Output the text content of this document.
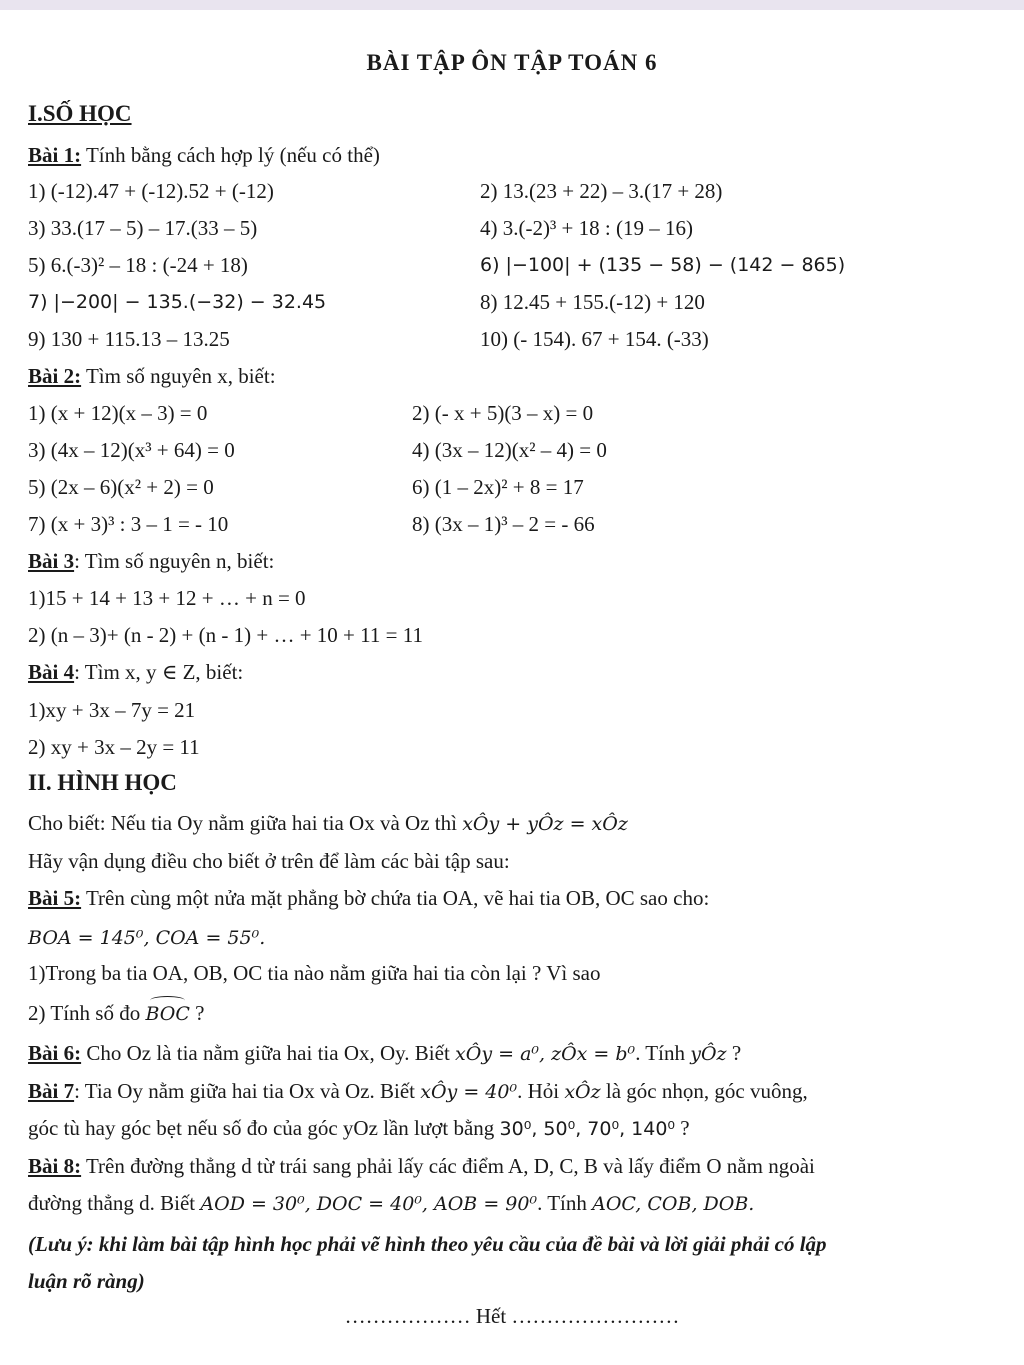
BÀI TẬP ÔN TẬP TOÁN 6
I.SỐ HỌC
Bài 1: Tính bằng cách hợp lý (nếu có thể)
1) (-12).47 + (-12).52 + (-12)	2) 13.(23 + 22) – 3.(17 + 28)
3) 33.(17 – 5) – 17.(33 – 5)	4) 3.(-2)³ + 18 : (19 – 16)
5) 6.(-3)² – 18 : (-24 + 18)	6) |−100| + (135 − 58) − (142 − 865)
7) |−200| − 135.(−32) − 32.45	8) 12.45 + 155.(-12) + 120
9) 130 + 115.13 – 13.25	10) (- 154). 67 + 154. (-33)
Bài 2: Tìm số nguyên x, biết:
1) (x + 12)(x – 3) = 0	2) (- x + 5)(3 – x) = 0
3) (4x – 12)(x³ + 64) = 0	4) (3x – 12)(x² – 4) = 0
5) (2x – 6)(x² + 2) = 0	6) (1 – 2x)² + 8 = 17
7) (x + 3)³ : 3 – 1 = - 10	8) (3x – 1)³ – 2 = - 66
Bài 3: Tìm số nguyên n, biết:
1)15 + 14 + 13 + 12 + … + n = 0
2) (n – 3)+ (n - 2) + (n - 1) + … + 10 + 11 = 11
Bài 4: Tìm x, y ∈ Z, biết:
1)xy + 3x – 7y = 21
2) xy + 3x – 2y = 11
II. HÌNH HỌC
Cho biết: Nếu tia Oy nằm giữa hai tia Ox và Oz thì xÔy + yÔz = xÔz
Hãy vận dụng điều cho biết ở trên để làm các bài tập sau:
Bài 5: Trên cùng một nửa mặt phẳng bờ chứa tia OA, vẽ hai tia OB, OC sao cho:
BOA = 145⁰, COA = 55⁰.
1)Trong ba tia OA, OB, OC tia nào nằm giữa hai tia còn lại ? Vì sao
2) Tính số đo BOC ?
Bài 6: Cho Oz là tia nằm giữa hai tia Ox, Oy. Biết xÔy = a⁰, zÔx = b⁰. Tính yÔz ?
Bài 7: Tia Oy nằm giữa hai tia Ox và Oz. Biết xÔy = 40⁰. Hỏi xÔz là góc nhọn, góc vuông,
góc tù hay góc bẹt nếu số đo của góc yOz lần lượt bằng 30⁰, 50⁰, 70⁰, 140⁰ ?
Bài 8: Trên đường thẳng d từ trái sang phải lấy các điểm A, D, C, B và lấy điểm O nằm ngoài
đường thẳng d. Biết AOD = 30⁰, DOC = 40⁰, AOB = 90⁰. Tính AOC, COB, DOB.
(Lưu ý: khi làm bài tập hình học phải vẽ hình theo yêu cầu của đề bài và lời giải phải có lập
luận rõ ràng)
……………… Hết ……………………
